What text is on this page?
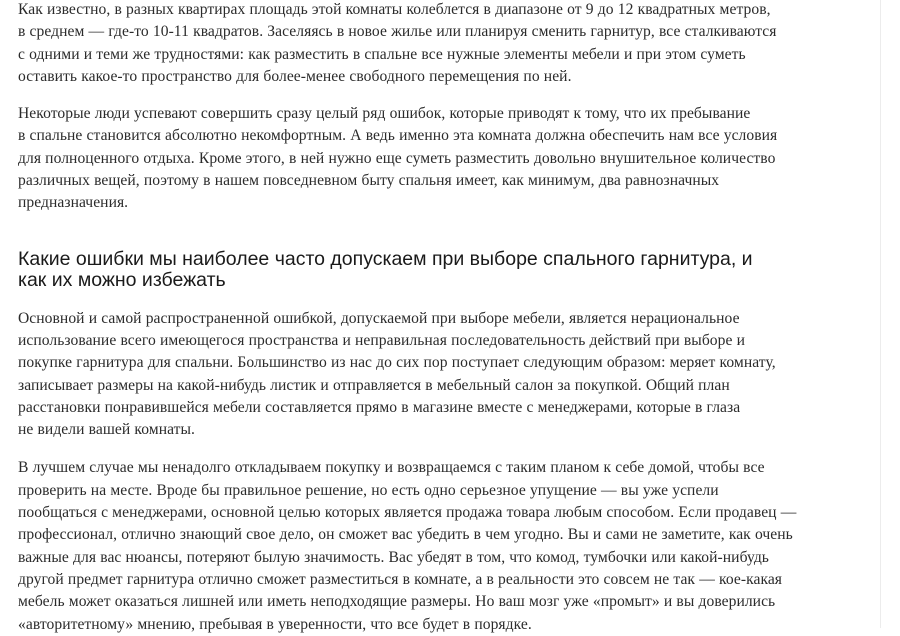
Как известно, в разных квартирах площадь этой комнаты колеблется в диапазоне от 9 до 12 квадратных метров,
в среднем — где-то 10-11 квадратов. Заселяясь в новое жилье или планируя сменить гарнитур, все сталкиваются
с одними и теми же трудностями: как разместить в спальне все нужные элементы мебели и при этом суметь
оставить какое-то пространство для более-менее свободного перемещения по ней.

Некоторые люди успевают совершить сразу целый ряд ошибок, которые приводят к тому, что их пребывание
в спальне становится абсолютно некомфортным. А ведь именно эта комната должна обеспечить нам все условия
для полноценного отдыха. Кроме этого, в ней нужно еще суметь разместить довольно внушительное количество
различных вещей, поэтому в нашем повседневном быту спальня имеет, как минимум, два равнозначных
предназначения.

Какие ошибки мы наиболее часто допускаем при выборе спального гарнитура, и
как их можно избежать

Основной и самой распространенной ошибкой, допускаемой при выборе мебели, является нерациональное
использование всего имеющегося пространства и неправильная последовательность действий при выборе и
покупке гарнитура для спальни. Большинство из нас до сих пор поступает следующим образом: меряет комнату,
записывает размеры на какой-нибудь листик и отправляется в мебельный салон за покупкой. Общий план
расстановки понравившейся мебели составляется прямо в магазине вместе с менеджерами, которые в глаза
не видели вашей комнаты.

В лучшем случае мы ненадолго откладываем покупку и возвращаемся с таким планом к себе домой, чтобы все
проверить на месте. Вроде бы правильное решение, но есть одно серьезное упущение — вы уже успели
пообщаться с менеджерами, основной целью которых является продажа товара любым способом. Если продавец —
профессионал, отлично знающий свое дело, он сможет вас убедить в чем угодно. Вы и сами не заметите, как очень
важные для вас нюансы, потеряют былую значимость. Вас убедят в том, что комод, тумбочки или какой-нибудь
другой предмет гарнитура отлично сможет разместиться в комнате, а в реальности это совсем не так — кое-какая
мебель может оказаться лишней или иметь неподходящие размеры. Но ваш мозг уже «промыт» и вы доверились
«авторитетному» мнению, пребывая в уверенности, что все будет в порядке.
